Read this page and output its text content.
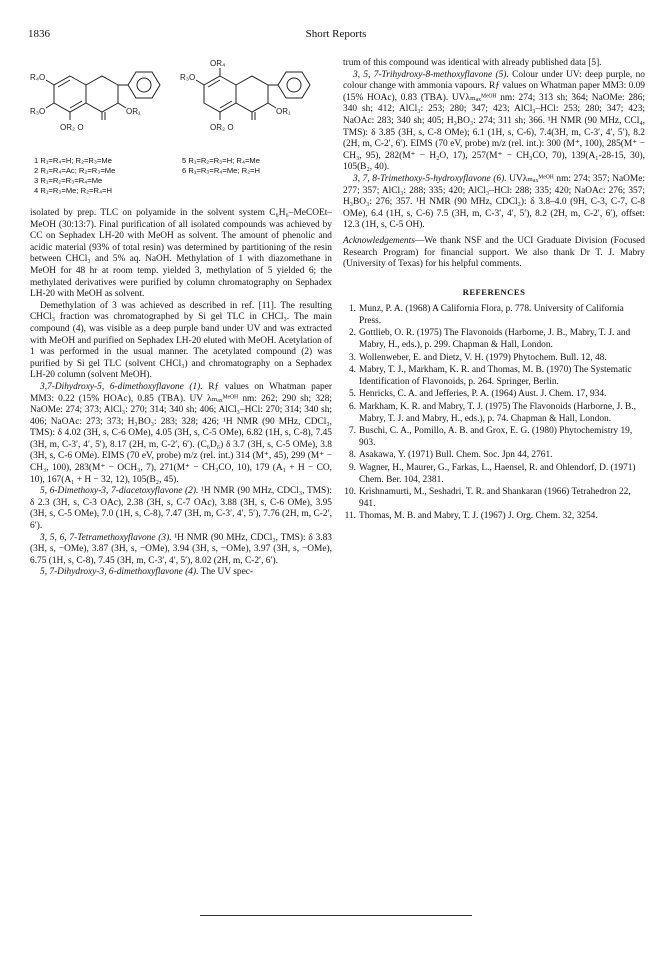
1836	Short Reports
R₄O
R₃O
OR₂ O
OR₁
OR₄
R₃O
OR₂ O
OR₁
1 R₁=R₄=H; R₂=R₃=Me
2 R₁=R₄=Ac; R₂=R₃=Me
3 R₁=R₂=R₃=R₄=Me
4 R₁=R₃=Me; R₂=R₄=H
5 R₁=R₂=R₃=H; R₄=Me
6 R₁=R₃=R₄=Me; R₂=H

isolated by prep. TLC on polyamide in the solvent system C₆H₆–MeCOEt–MeOH (30:13:7). Final purification of all isolated compounds was achieved by CC on Sephadex LH-20 with MeOH as solvent. The amount of phenolic and acidic material (93% of total resin) was determined by partitioning of the resin between CHCl₃ and 5% aq. NaOH. Methylation of 1 with diazomethane in MeOH for 48 hr at room temp. yielded 3, methylation of 5 yielded 6; the methylated derivatives were purified by column chromatography on Sephadex LH-20 with MeOH as solvent.

Demethylation of 3 was achieved as described in ref. [11]. The resulting CHCl₃ fraction was chromatographed by Si gel TLC in CHCl₃. The main compound (4), was visible as a deep purple band under UV and was extracted with MeOH and purified on Sephadex LH-20 eluted with MeOH. Acetylation of 1 was performed in the usual manner. The acetylated compound (2) was purified by Si gel TLC (solvent CHCl₃) and chromatography on a Sephadex LH-20 column (solvent MeOH).

3,7-Dihydroxy-5, 6-dimethoxyflavone (1). Rƒ values on Whatman paper MM3: 0.22 (15% HOAc), 0.85 (TBA). UV λₘₐₓᴹᵉᴼᴴ nm: 262; 290 sh; 328; NaOMe: 274; 373; AlCl₃: 270; 314; 340 sh; 406; AlCl₃–HCl: 270; 314; 340 sh; 406; NaOAc: 273; 373; H₃BO₃: 283; 328; 426; ¹H NMR (90 MHz, CDCl₃, TMS): δ 4.02 (3H, s, C-6 OMe), 4.05 (3H, s, C-5 OMe), 6.82 (1H, s, C-8), 7.45 (3H, m, C-3′, 4′, 5′), 8.17 (2H, m, C-2′, 6′). (C₆D₆) δ 3.7 (3H, s, C-5 OMe), 3.8 (3H, s, C-6 OMe). EIMS (70 eV, probe) m/z (rel. int.) 314 (M⁺, 45), 299 (M⁺ − CH₃, 100), 283(M⁺ − OCH₃, 7), 271(M⁺ − CH₃CO, 10), 179 (A₁ + H − CO, 10), 167(A₁ + H − 32, 12), 105(B₂, 45).

5, 6-Dimethoxy-3, 7-diacetoxyflavone (2). ¹H NMR (90 MHz, CDCl₃, TMS): δ 2.3 (3H, s, C-3 OAc), 2.38 (3H, s, C-7 OAc), 3.88 (3H, s, C-6 OMe), 3.95 (3H, s, C-5 OMe), 7.0 (1H, s, C-8), 7.47 (3H, m, C-3′, 4′, 5′), 7.76 (2H, m, C-2′, 6′).

3, 5, 6, 7-Tetramethoxyflavone (3). ¹H NMR (90 MHz, CDCl₃, TMS): δ 3.83 (3H, s, −OMe), 3.87 (3H, s, −OMe), 3.94 (3H, s, −OMe), 3.97 (3H, s, −OMe), 6.75 (1H, s, C-8), 7.45 (3H, m, C-3′, 4′, 5′), 8.02 (2H, m, C-2′, 6′).

5, 7-Dihydroxy-3, 6-dimethoxyflavone (4). The UV spec-

trum of this compound was identical with already published data [5].

3, 5, 7-Trihydroxy-8-methoxyflavone (5). Colour under UV: deep purple, no colour change with ammonia vapours. Rƒ values on Whatman paper MM3: 0.09 (15% HOAc), 0.83 (TBA). UVλₘₐₓᴹᵉᴼᴴ nm: 274; 313 sh; 364; NaOMe: 286; 340 sh; 412; AlCl₃: 253; 280; 347; 423; AlCl₃–HCl: 253; 280; 347; 423; NaOAc: 283; 340 sh; 405; H₃BO₃: 274; 311 sh; 366. ¹H NMR (90 MHz, CCl₄, TMS): δ 3.85 (3H, s, C-8 OMe); 6.1 (1H, s, C-6), 7.4(3H, m, C-3′, 4′, 5′), 8.2 (2H, m, C-2′, 6′). EIMS (70 eV, probe) m/z (rel. int.): 300 (M⁺, 100), 285(M⁺ − CH₃, 95), 282(M⁺ − H₂O, 17), 257(M⁺ − CH₃CO, 70), 139(A₁-28-15, 30), 105(B₂, 40).

3, 7, 8-Trimethoxy-5-hydroxyflavone (6). UVλₘₐₓᴹᵉᴼᴴ nm: 274; 357; NaOMe: 277; 357; AlCl₃: 288; 335; 420; AlCl₃–HCl: 288; 335; 420; NaOAc: 276; 357; H₃BO₃: 276; 357. ¹H NMR (90 MHz, CDCl₃): δ 3.8–4.0 (9H, C-3, C-7, C-8 OMe), 6.4 (1H, s, C-6) 7.5 (3H, m, C-3′, 4′, 5′), 8.2 (2H, m, C-2′, 6′), offset: 12.3 (1H, s, C-5 OH).

Acknowledgements—We thank NSF and the UCI Graduate Division (Focused Research Program) for financial support. We also thank Dr T. J. Mabry (University of Texas) for his helpful comments.

REFERENCES
1. Munz, P. A. (1968) A California Flora, p. 778. University of California Press.
2. Gottlieb, O. R. (1975) The Flavonoids (Harborne, J. B., Mabry, T. J. and Mabry, H., eds.), p. 299. Chapman & Hall, London.
3. Wollenweber, E. and Dietz, V. H. (1979) Phytochem. Bull. 12, 48.
4. Mabry, T. J., Markham, K. R. and Thomas, M. B. (1970) The Systematic Identification of Flavonoids, p. 264. Springer, Berlin.
5. Henricks, C. A. and Jefferies, P. A. (1964) Aust. J. Chem. 17, 934.
6. Markham, K. R. and Mabry, T. J. (1975) The Flavonoids (Harborne, J. B., Mabry, T. J. and Mabry, H., eds.), p. 74. Chapman & Hall, London.
7. Buschi, C. A., Pomillo, A. B. and Grox, E. G. (1980) Phytochemistry 19, 903.
8. Asakawa, Y. (1971) Bull. Chem. Soc. Jpn 44, 2761.
9. Wagner, H., Maurer, G., Farkas, L., Haensel, R. and Ohlendorf, D. (1971) Chem. Ber. 104, 2381.
10. Krishnamurti, M., Seshadri, T. R. and Shankaran (1966) Tetrahedron 22, 941.
11. Thomas, M. B. and Mabry, T. J. (1967) J. Org. Chem. 32, 3254.
